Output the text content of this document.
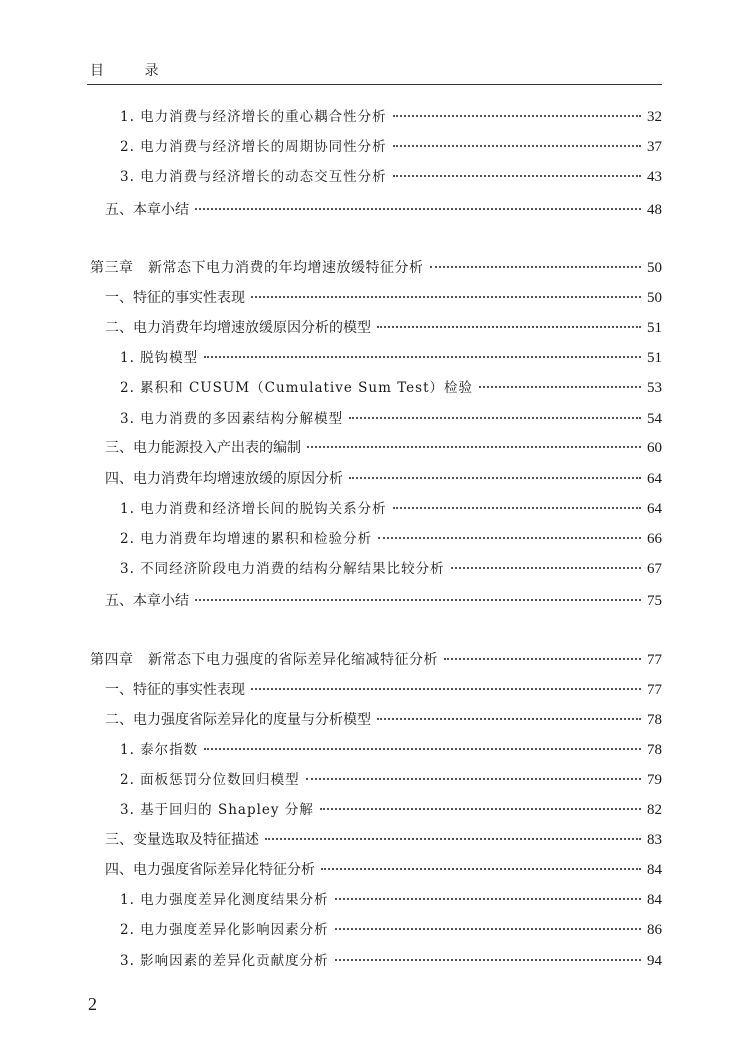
目 录
1. 电力消费与经济增长的重心耦合性分析	32
2. 电力消费与经济增长的周期协同性分析	37
3. 电力消费与经济增长的动态交互性分析	43
五、本章小结	48
第三章　新常态下电力消费的年均增速放缓特征分析	50
一、特征的事实性表现	50
二、电力消费年均增速放缓原因分析的模型	51
1. 脱钩模型	51
2. 累积和 CUSUM（Cumulative Sum Test）检验	53
3. 电力消费的多因素结构分解模型	54
三、电力能源投入产出表的编制	60
四、电力消费年均增速放缓的原因分析	64
1. 电力消费和经济增长间的脱钩关系分析	64
2. 电力消费年均增速的累积和检验分析	66
3. 不同经济阶段电力消费的结构分解结果比较分析	67
五、本章小结	75
第四章　新常态下电力强度的省际差异化缩减特征分析	77
一、特征的事实性表现	77
二、电力强度省际差异化的度量与分析模型	78
1. 泰尔指数	78
2. 面板惩罚分位数回归模型	79
3. 基于回归的 Shapley 分解	82
三、变量选取及特征描述	83
四、电力强度省际差异化特征分析	84
1. 电力强度差异化测度结果分析	84
2. 电力强度差异化影响因素分析	86
3. 影响因素的差异化贡献度分析	94
2
